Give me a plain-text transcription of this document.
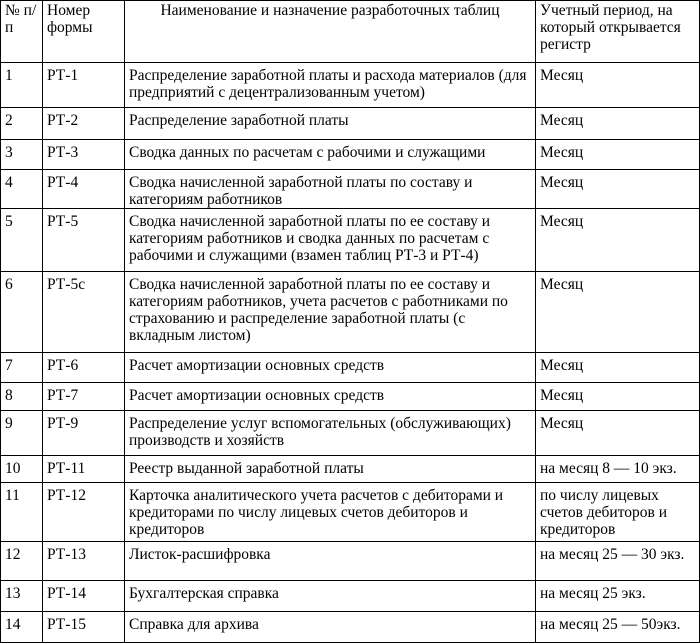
№ п/п	Номер формы	Наименование и назначение разработочных таблиц	Учетный период, на который открывается регистр
1	РТ-1	Распределение заработной платы и расхода материалов (для предприятий с децентрализованным учетом)	Месяц
2	РТ-2	Распределение заработной платы	Месяц
3	РТ-3	Сводка данных по расчетам с рабочими и служащими	Месяц
4	РТ-4	Сводка начисленной заработной платы по составу и категориям работников	Месяц
5	РТ-5	Сводка начисленной заработной платы по ее составу и категориям работников и сводка данных по расчетам с рабочими и служащими (взамен таблиц РТ-3 и РТ-4)	Месяц
6	РТ-5с	Сводка начисленной заработной платы по ее составу и категориям работников, учета расчетов с работниками по страхованию и распределение заработной платы (с вкладным листом)	Месяц
7	РТ-6	Расчет амортизации основных средств	Месяц
8	РТ-7	Расчет амортизации основных средств	Месяц
9	РТ-9	Распределение услуг вспомогательных (обслуживающих) производств и хозяйств	Месяц
10	РТ-11	Реестр выданной заработной платы	на месяц 8 — 10 экз.
11	РТ-12	Карточка аналитического учета расчетов с дебиторами и кредиторами по числу лицевых счетов дебиторов и кредиторов	по числу лицевых счетов дебиторов и кредиторов
12	РТ-13	Листок-расшифровка	на месяц 25 — 30 экз.
13	РТ-14	Бухгалтерская справка	на месяц 25 экз.
14	РТ-15	Справка для архива	на месяц 25 — 50экз.
